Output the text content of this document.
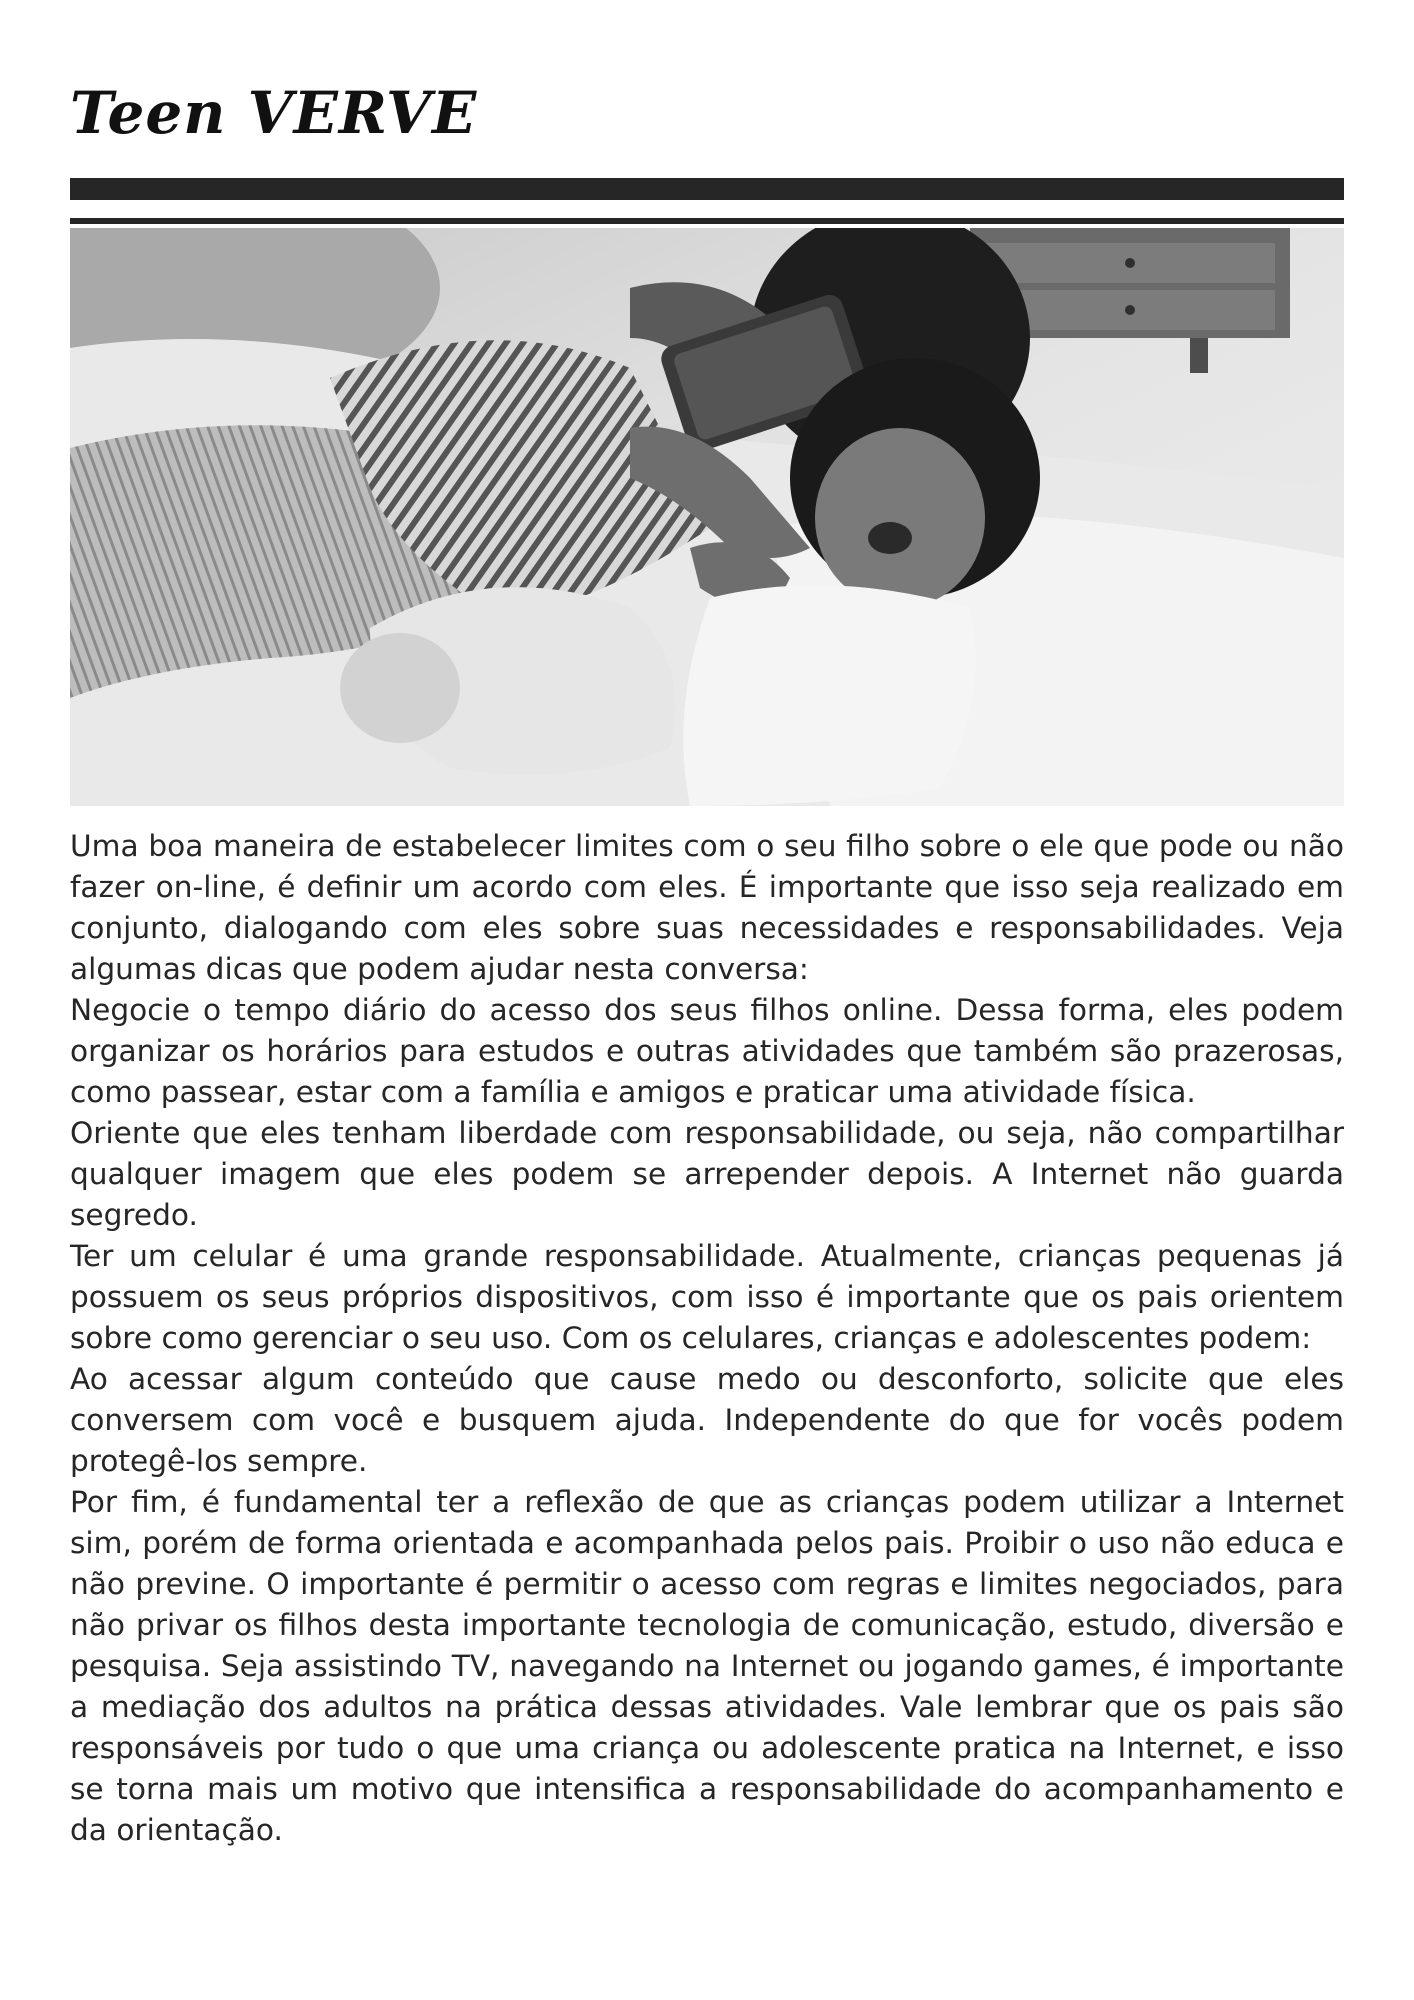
Teen VERVE

Uma boa maneira de estabelecer limites com o seu filho sobre o ele que pode ou não fazer on-line, é definir um acordo com eles. É importante que isso seja realizado em conjunto, dialogando com eles sobre suas necessidades e responsabilidades. Veja algumas dicas que podem ajudar nesta conversa:

Negocie o tempo diário do acesso dos seus filhos online. Dessa forma, eles podem organizar os horários para estudos e outras atividades que também são prazerosas, como passear, estar com a família e amigos e praticar uma atividade física.

Oriente que eles tenham liberdade com responsabilidade, ou seja, não compartilhar qualquer imagem que eles podem se arrepender depois. A Internet não guarda segredo.

Ter um celular é uma grande responsabilidade. Atualmente, crianças pequenas já possuem os seus próprios dispositivos, com isso é importante que os pais orientem sobre como gerenciar o seu uso. Com os celulares, crianças e adolescentes podem:

Ao acessar algum conteúdo que cause medo ou desconforto, solicite que eles conversem com você e busquem ajuda. Independente do que for vocês podem protegê-los sempre.

Por fim, é fundamental ter a reflexão de que as crianças podem utilizar a Internet sim, porém de forma orientada e acompanhada pelos pais. Proibir o uso não educa e não previne. O importante é permitir o acesso com regras e limites negociados, para não privar os filhos desta importante tecnologia de comunicação, estudo, diversão e pesquisa. Seja assistindo TV, navegando na Internet ou jogando games, é importante a mediação dos adultos na prática dessas atividades. Vale lembrar que os pais são responsáveis por tudo o que uma criança ou adolescente pratica na Internet, e isso se torna mais um motivo que intensifica a responsabilidade do acompanhamento e da orientação.
